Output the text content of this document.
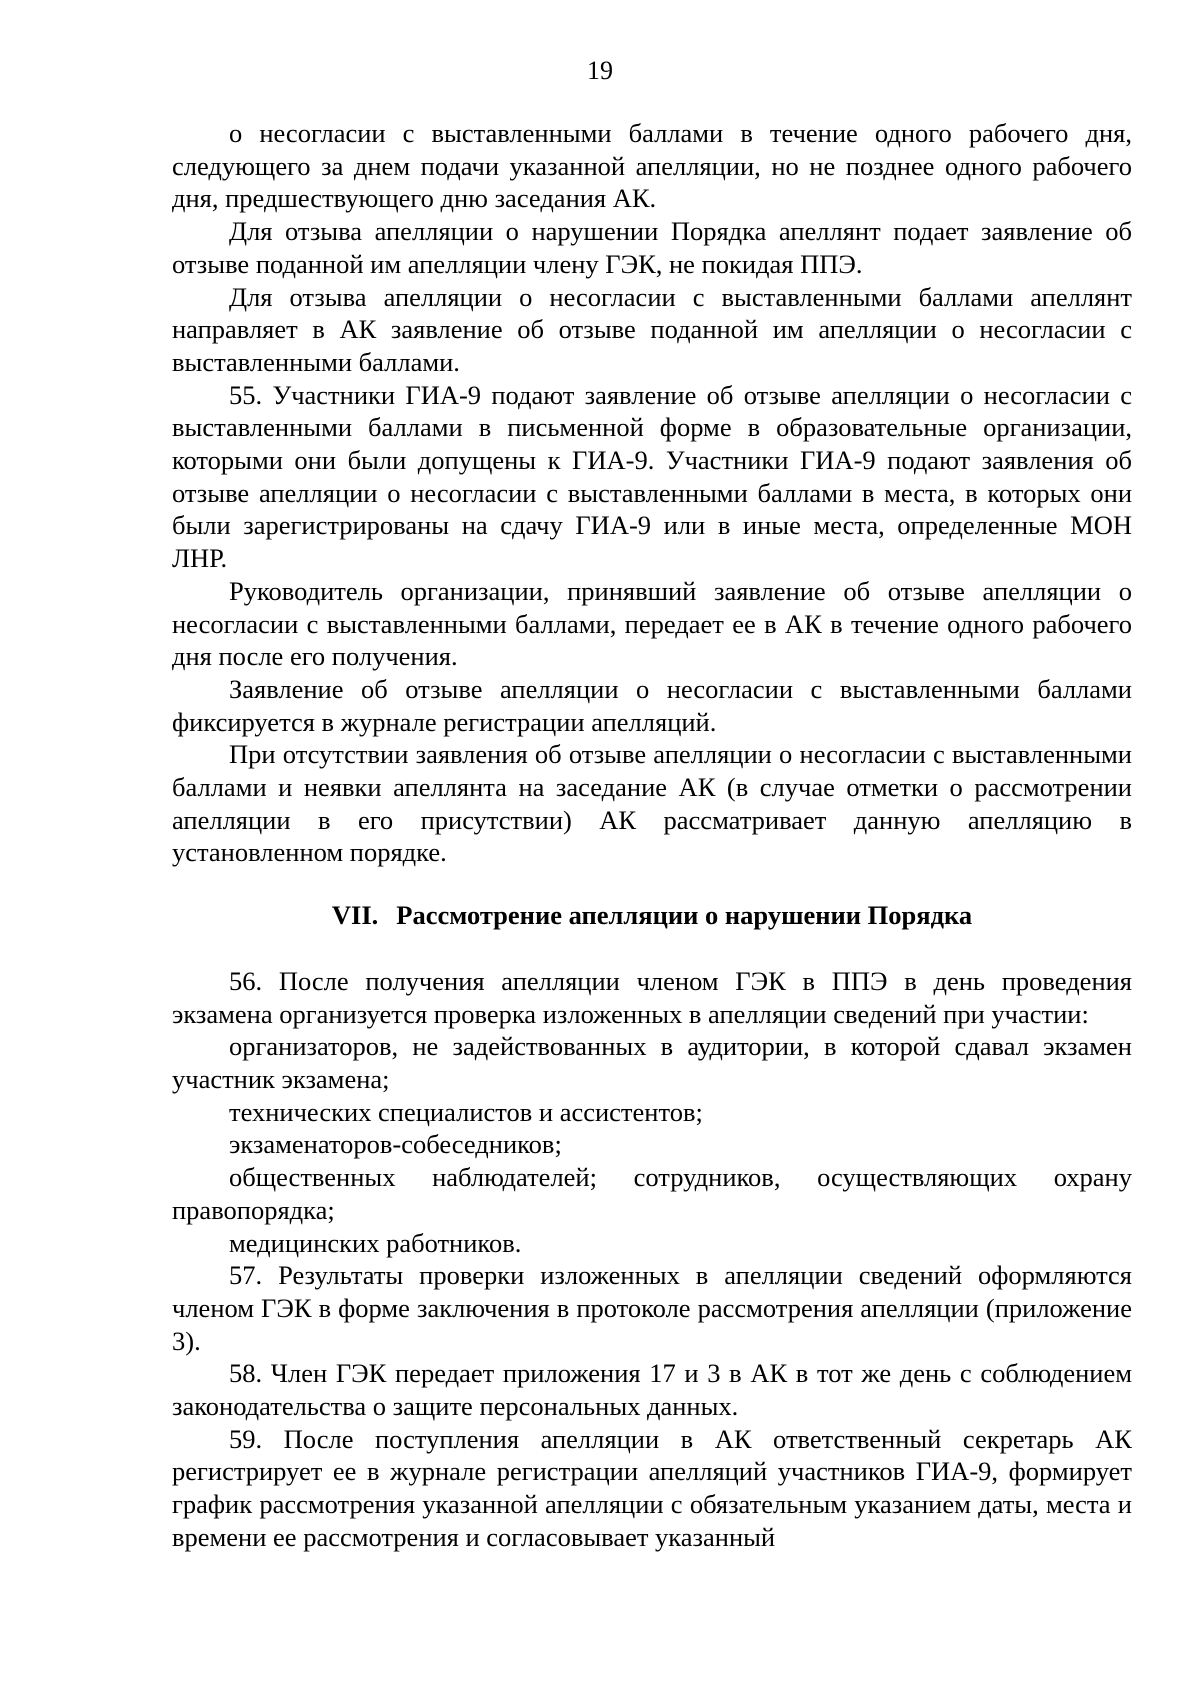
19

о несогласии с выставленными баллами в течение одного рабочего дня, следующего за днем подачи указанной апелляции, но не позднее одного рабочего дня, предшествующего дню заседания АК.

Для отзыва апелляции о нарушении Порядка апеллянт подает заявление об отзыве поданной им апелляции члену ГЭК, не покидая ППЭ.

Для отзыва апелляции о несогласии с выставленными баллами апеллянт направляет в АК заявление об отзыве поданной им апелляции о несогласии с выставленными баллами.

55. Участники ГИА-9 подают заявление об отзыве апелляции о несогласии с выставленными баллами в письменной форме в образовательные организации, которыми они были допущены к ГИА-9. Участники ГИА-9 подают заявления об отзыве апелляции о несогласии с выставленными баллами в места, в которых они были зарегистрированы на сдачу ГИА-9 или в иные места, определенные МОН ЛНР.

Руководитель организации, принявший заявление об отзыве апелляции о несогласии с выставленными баллами, передает ее в АК в течение одного рабочего дня после его получения.

Заявление об отзыве апелляции о несогласии с выставленными баллами фиксируется в журнале регистрации апелляций.

При отсутствии заявления об отзыве апелляции о несогласии с выставленными баллами и неявки апеллянта на заседание АК (в случае отметки о рассмотрении апелляции в его присутствии) АК рассматривает данную апелляцию в установленном порядке.

VII. Рассмотрение апелляции о нарушении Порядка

56. После получения апелляции членом ГЭК в ППЭ в день проведения экзамена организуется проверка изложенных в апелляции сведений при участии:

организаторов, не задействованных в аудитории, в которой сдавал экзамен участник экзамена;

технических специалистов и ассистентов;

экзаменаторов-собеседников;

общественных наблюдателей; сотрудников, осуществляющих охрану правопорядка;

медицинских работников.

57. Результаты проверки изложенных в апелляции сведений оформляются членом ГЭК в форме заключения в протоколе рассмотрения апелляции (приложение 3).

58. Член ГЭК передает приложения 17 и 3 в АК в тот же день с соблюдением законодательства о защите персональных данных.

59. После поступления апелляции в АК ответственный секретарь АК регистрирует ее в журнале регистрации апелляций участников ГИА-9, формирует график рассмотрения указанной апелляции с обязательным указанием даты, места и времени ее рассмотрения и согласовывает указанный
